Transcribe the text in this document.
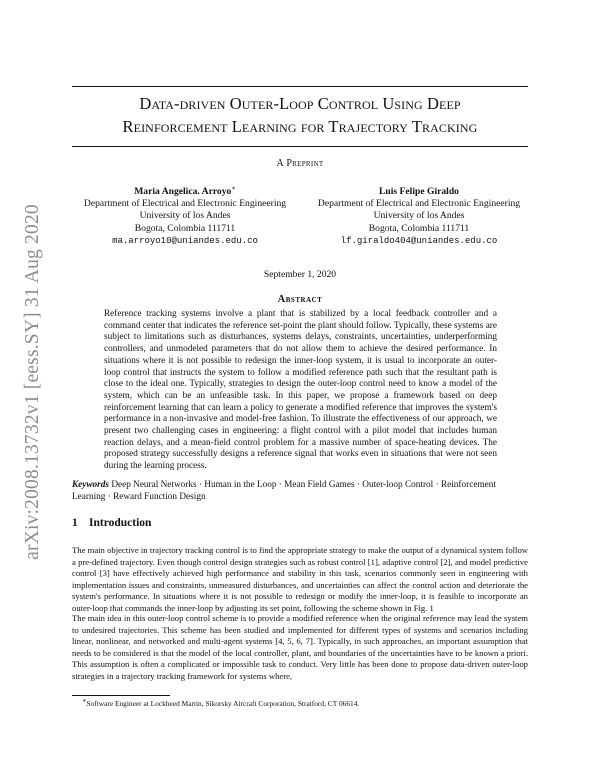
arXiv:2008.13732v1 [eess.SY] 31 Aug 2020
Data-driven Outer-Loop Control Using Deep
Reinforcement Learning for Trajectory Tracking
A Preprint
Maria Angelica. Arroyo∗
Department of Electrical and Electronic Engineering
University of los Andes
Bogota, Colombia 111711
ma.arroyo10@uniandes.edu.co
Luis Felipe Giraldo
Department of Electrical and Electronic Engineering
University of los Andes
Bogota, Colombia 111711
lf.giraldo404@uniandes.edu.co
September 1, 2020
Abstract
Reference tracking systems involve a plant that is stabilized by a local feedback controller and a command center that indicates the reference set-point the plant should follow. Typically, these systems are subject to limitations such as disturbances, systems delays, constraints, uncertainties, underperforming controllers, and unmodeled parameters that do not allow them to achieve the desired performance. In situations where it is not possible to redesign the inner-loop system, it is usual to incorporate an outer-loop control that instructs the system to follow a modified reference path such that the resultant path is close to the ideal one. Typically, strategies to design the outer-loop control need to know a model of the system, which can be an unfeasible task. In this paper, we propose a framework based on deep reinforcement learning that can learn a policy to generate a modified reference that improves the system's performance in a non-invasive and model-free fashion. To illustrate the effectiveness of our approach, we present two challenging cases in engineering: a flight control with a pilot model that includes human reaction delays, and a mean-field control problem for a massive number of space-heating devices. The proposed strategy successfully designs a reference signal that works even in situations that were not seen during the learning process.
Keywords Deep Neural Networks · Human in the Loop · Mean Field Games · Outer-loop Control · Reinforcement Learning · Reward Function Design
1 Introduction
The main objective in trajectory tracking control is to find the appropriate strategy to make the output of a dynamical system follow a pre-defined trajectory. Even though control design strategies such as robust control [1], adaptive control [2], and model predictive control [3] have effectively achieved high performance and stability in this task, scenarios commonly seen in engineering with implementation issues and constraints, unmeasured disturbances, and uncertainties can affect the control action and deteriorate the system's performance. In situations where it is not possible to redesign or modify the inner-loop, it is feasible to incorporate an outer-loop that commands the inner-loop by adjusting its set point, following the scheme shown in Fig. 1
The main idea in this outer-loop control scheme is to provide a modified reference when the original reference may lead the system to undesired trajectories. This scheme has been studied and implemented for different types of systems and scenarios including linear, nonlinear, and networked and multi-agent systems [4, 5, 6, 7]. Typically, in such approaches, an important assumption that needs to be considered is that the model of the local controller, plant, and boundaries of the uncertainties have to be known a priori. This assumption is often a complicated or impossible task to conduct. Very little has been done to propose data-driven outer-loop strategies in a trajectory tracking framework for systems where,
∗Software Engineer at Lockheed Martin, Sikorsky Aircraft Corporation, Stratford, CT 06614.
